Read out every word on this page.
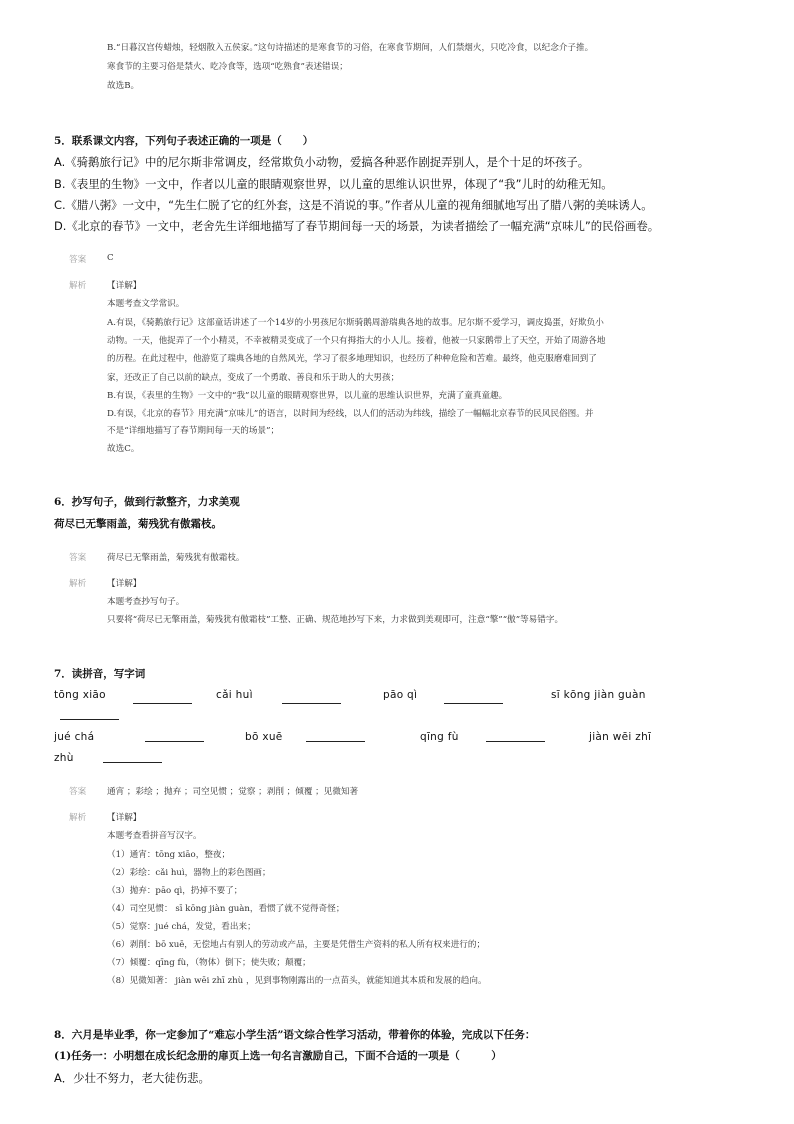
B.“日暮汉宫传蜡烛，轻烟散入五侯家。”这句诗描述的是寒食节的习俗，在寒食节期间，人们禁烟火，只吃冷食，以纪念介子推。
寒食节的主要习俗是禁火、吃冷食等，选项“吃熟食”表述错误；
故选B。
5．联系课文内容，下列句子表述正确的一项是（　　）
A.《骑鹅旅行记》中的尼尔斯非常调皮，经常欺负小动物，爱搞各种恶作剧捉弄别人，是个十足的坏孩子。
B.《表里的生物》一文中，作者以儿童的眼睛观察世界，以儿童的思维认识世界，体现了“我”儿时的幼稚无知。
C.《腊八粥》一文中，“先生仁脱了它的红外套，这是不消说的事。”作者从儿童的视角细腻地写出了腊八粥的美味诱人。
D.《北京的春节》一文中，老舍先生详细地描写了春节期间每一天的场景，为读者描绘了一幅充满“京味儿”的民俗画卷。
答案 C
解析 【详解】
本题考查文学常识。
A.有误，《骑鹅旅行记》这部童话讲述了一个14岁的小男孩尼尔斯骑鹅周游瑞典各地的故事。尼尔斯不爱学习，调皮捣蛋，好欺负小
动物。一天，他捉弄了一个小精灵，不幸被精灵变成了一个只有拇指大的小人儿。接着，他被一只家鹅带上了天空，开始了周游各地
的历程。在此过程中，他游览了瑞典各地的自然风光，学习了很多地理知识，也经历了种种危险和苦难。最终，他克服磨难回到了
家，还改正了自己以前的缺点，变成了一个勇敢、善良和乐于助人的大男孩；
B.有误，《表里的生物》一文中的“我”以儿童的眼睛观察世界，以儿童的思维认识世界，充满了童真童趣。
D.有误，《北京的春节》用充满“京味儿”的语言，以时间为经线，以人们的活动为纬线，描绘了一幅幅北京春节的民风民俗图。并
不是“详细地描写了春节期间每一天的场景”；
故选C。
6．抄写句子，做到行款整齐，力求美观
荷尽已无擎雨盖，菊残犹有傲霜枝。
答案 荷尽已无擎雨盖，菊残犹有傲霜枝。
解析 【详解】
本题考查抄写句子。
只要将“荷尽已无擎雨盖，菊残犹有傲霜枝”工整、正确、规范地抄写下来，力求做到美观即可，注意“擎”“傲”等易错字。
7．读拼音，写字词
tōng xiāo	cǎi huì	pāo qì	sī kōng jiàn guàn
jué chá	bō xuē	qīng fù	jiàn wēi zhī
zhù
答案 通宵 ；彩绘 ；抛弃 ；司空见惯 ；觉察 ；剥削 ；倾覆 ；见微知著
解析 【详解】
本题考查看拼音写汉字。
（1）通宵：tōng xiāo，整夜；
（2）彩绘：cǎi huì，器物上的彩色图画；
（3）抛弃：pāo qì，扔掉不要了；
（4）司空见惯： sī kōng jiàn guàn，看惯了就不觉得奇怪；
（5）觉察：jué chá，发觉，看出来；
（6）剥削：bō xuē，无偿地占有别人的劳动或产品，主要是凭借生产资料的私人所有权来进行的；
（7）倾覆：qīng fù，（物体）倒下；使失败；颠覆；
（8）见微知著： jiàn wēi zhī zhù ，见到事物刚露出的一点苗头，就能知道其本质和发展的趋向。
8．六月是毕业季，你一定参加了“难忘小学生活”语文综合性学习活动，带着你的体验，完成以下任务：
(1)任务一：小明想在成长纪念册的扉页上选一句名言激励自己，下面不合适的一项是（　　　）
A．少壮不努力，老大徒伤悲。
